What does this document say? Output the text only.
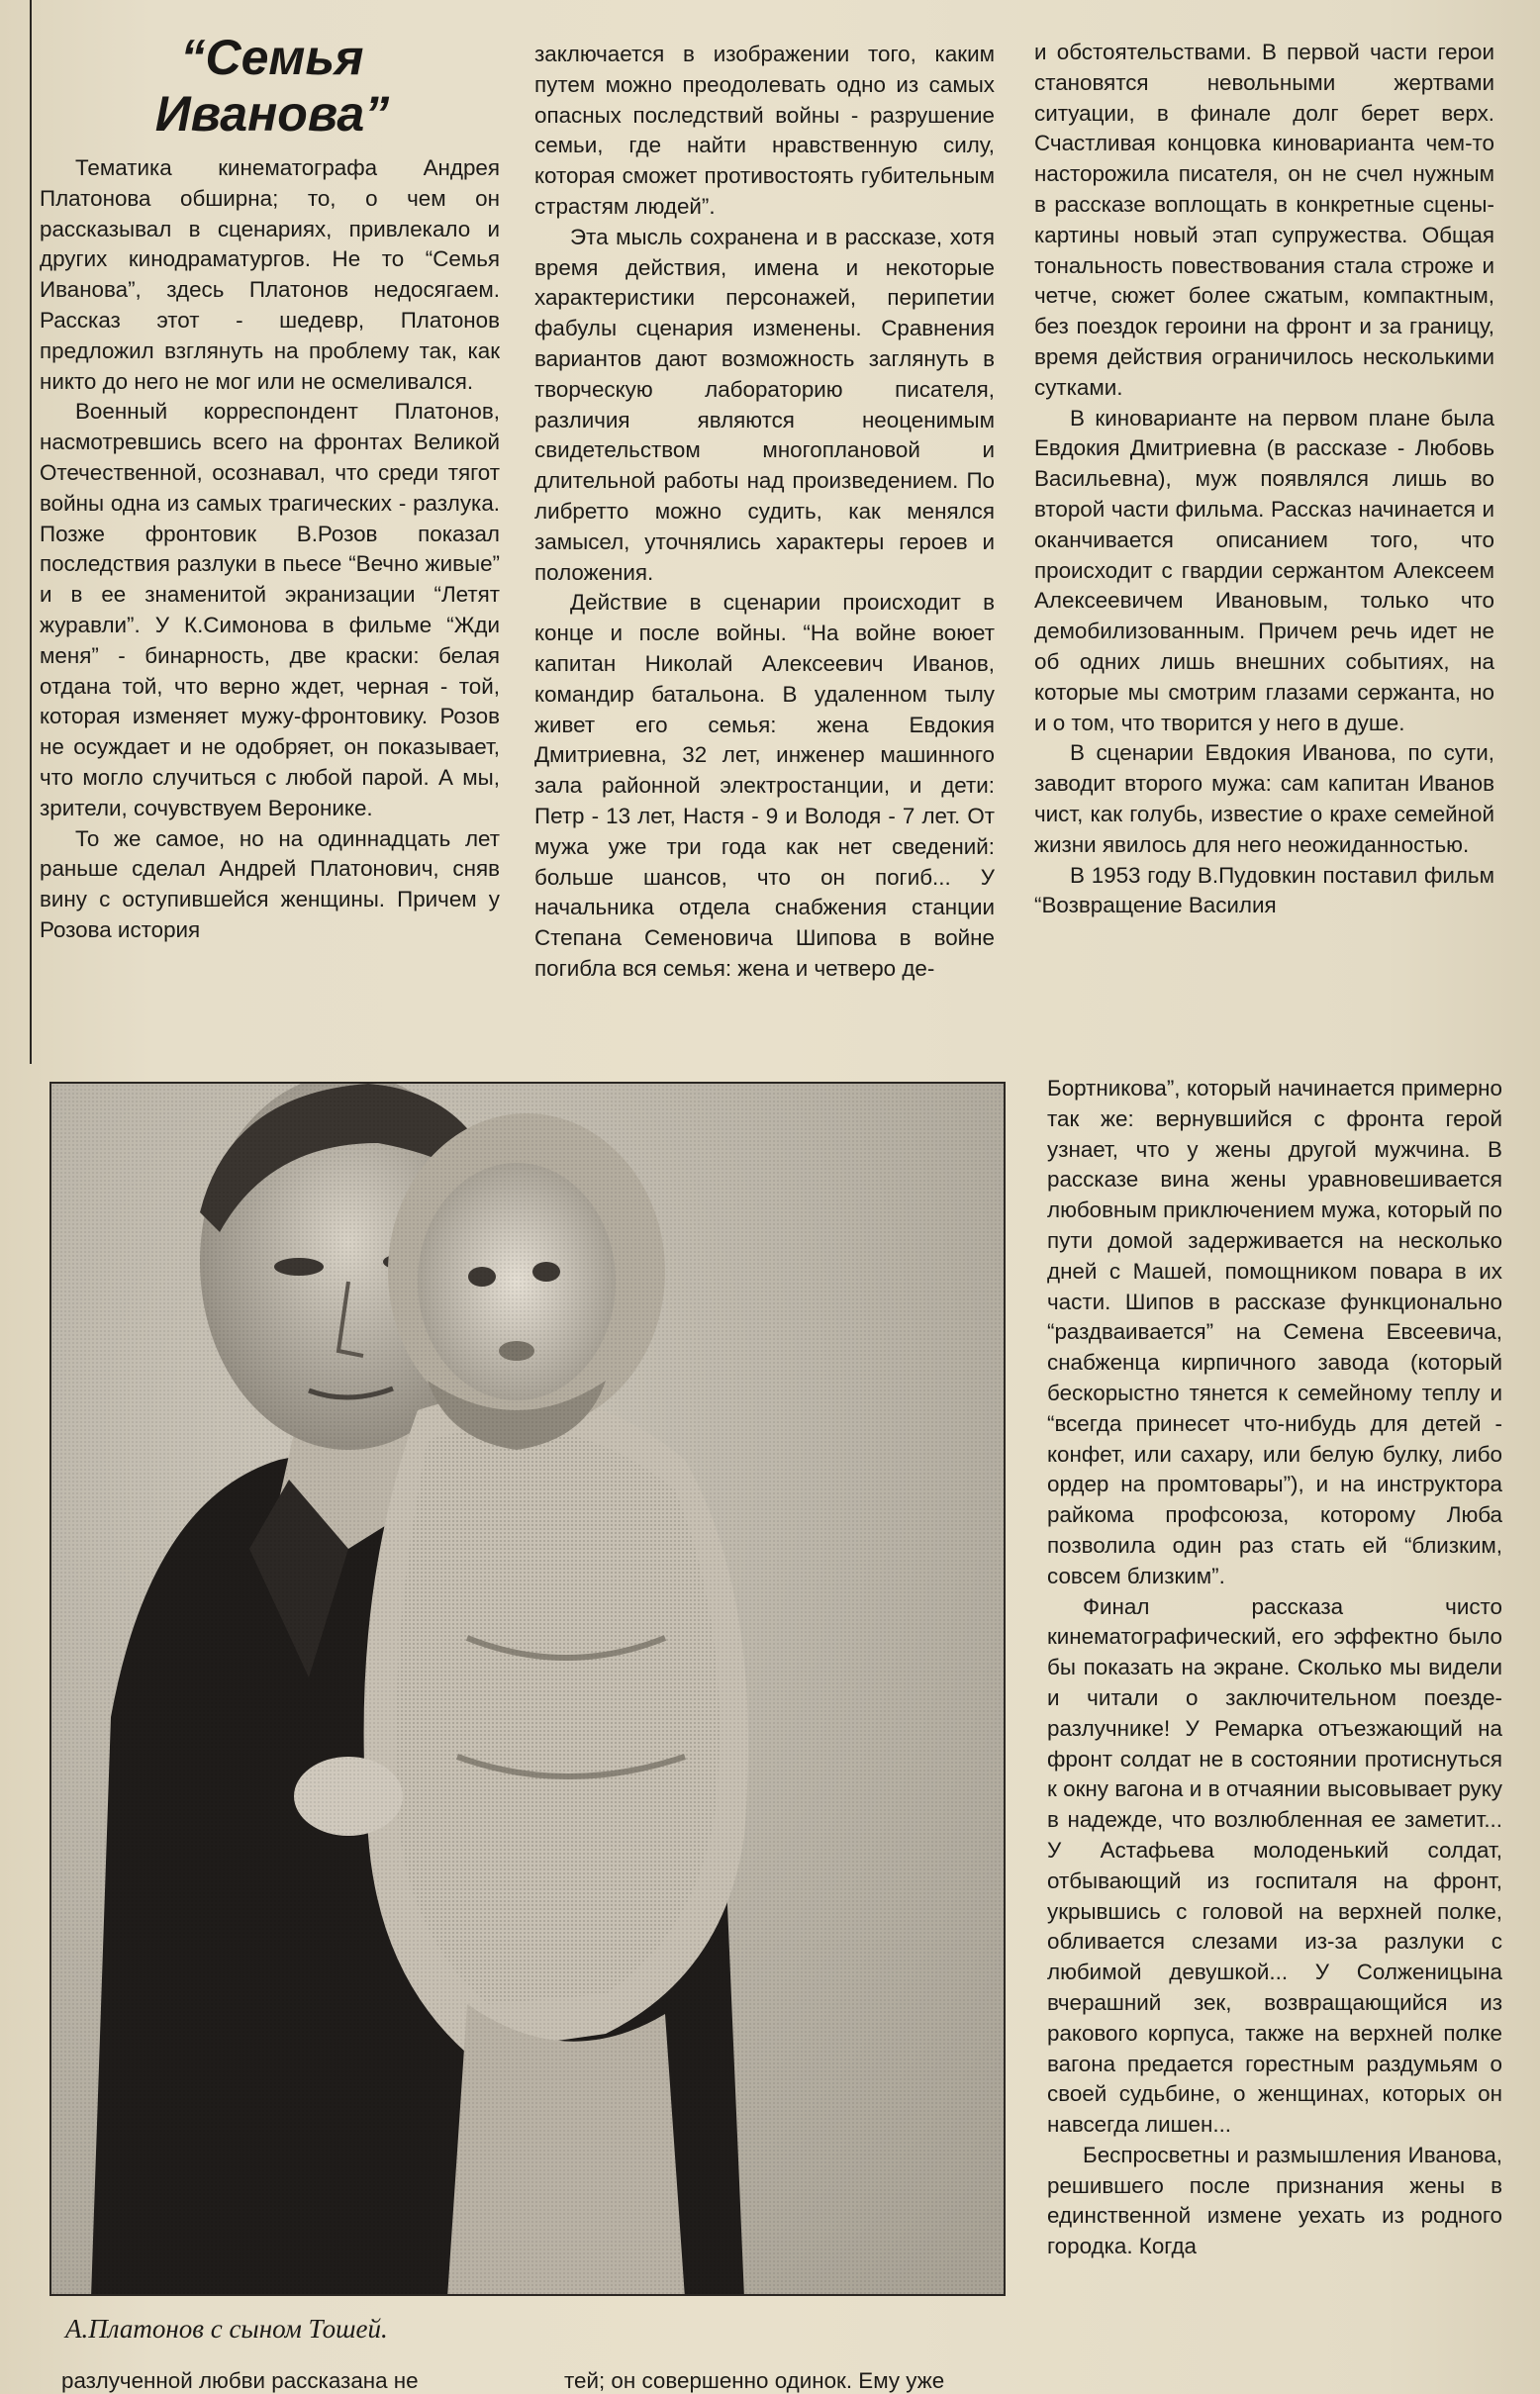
“Семья
Иванова”

Тематика кинематографа Андрея Платонова обширна; то, о чем он рассказывал в сценариях, привлекало и других кинодраматургов. Не то “Семья Иванова”, здесь Платонов недосягаем. Рассказ этот - шедевр, Платонов предложил взглянуть на проблему так, как никто до него не мог или не осмеливался.

Военный корреспондент Платонов, насмотревшись всего на фронтах Великой Отечественной, осознавал, что среди тягот войны одна из самых трагических - разлука. Позже фронтовик В.Розов показал последствия разлуки в пьесе “Вечно живые” и в ее знаменитой экранизации “Летят журавли”. У К.Симонова в фильме “Жди меня” - бинарность, две краски: белая отдана той, что верно ждет, черная - той, которая изменяет мужу-фронтовику. Розов не осуждает и не одобряет, он показывает, что могло случиться с любой парой. А мы, зрители, сочувствуем Веронике.

То же самое, но на одиннадцать лет раньше сделал Андрей Платонович, сняв вину с оступившейся женщины. Причем у Розова история

заключается в изображении того, каким путем можно преодолевать одно из самых опасных последствий войны - разрушение семьи, где найти нравственную силу, которая сможет противостоять губительным страстям людей”.

Эта мысль сохранена и в рассказе, хотя время действия, имена и некоторые характеристики персонажей, перипетии фабулы сценария изменены. Сравнения вариантов дают возможность заглянуть в творческую лабораторию писателя, различия являются неоценимым свидетельством многоплановой и длительной работы над произведением. По либретто можно судить, как менялся замысел, уточнялись характеры героев и положения.

Действие в сценарии происходит в конце и после войны. “На войне воюет капитан Николай Алексеевич Иванов, командир батальона. В удаленном тылу живет его семья: жена Евдокия Дмитриевна, 32 лет, инженер машинного зала районной электростанции, и дети: Петр - 13 лет, Настя - 9 и Володя - 7 лет. От мужа уже три года как нет сведений: больше шансов, что он погиб... У начальника отдела снабжения станции Степана Семеновича Шипова в войне погибла вся семья: жена и четверо де-

и обстоятельствами. В первой части герои становятся невольными жертвами ситуации, в финале долг берет верх. Счастливая концовка киноварианта чем-то насторожила писателя, он не счел нужным в рассказе воплощать в конкретные сцены-картины новый этап супружества. Общая тональность повествования стала строже и четче, сюжет более сжатым, компактным, без поездок героини на фронт и за границу, время действия ограничилось несколькими сутками.

В киноварианте на первом плане была Евдокия Дмитриевна (в рассказе - Любовь Васильевна), муж появлялся лишь во второй части фильма. Рассказ начинается и оканчивается описанием того, что происходит с гвардии сержантом Алексеем Алексеевичем Ивановым, только что демобилизованным. Причем речь идет не об одних лишь внешних событиях, на которые мы смотрим глазами сержанта, но и о том, что творится у него в душе.

В сценарии Евдокия Иванова, по сути, заводит второго мужа: сам капитан Иванов чист, как голубь, известие о крахе семейной жизни явилось для него неожиданностью.

В 1953 году В.Пудовкин поставил фильм “Возвращение Василия

Бортникова”, который начинается примерно так же: вернувшийся с фронта герой узнает, что у жены другой мужчина. В рассказе вина жены уравновешивается любовным приключением мужа, который по пути домой задерживается на несколько дней с Машей, помощником повара в их части. Шипов в рассказе функционально “раздваивается” на Семена Евсеевича, снабженца кирпичного завода (который бескорыстно тянется к семейному теплу и “всегда принесет что-нибудь для детей - конфет, или сахару, или белую булку, либо ордер на промтовары”), и на инструктора райкома профсоюза, которому Люба позволила один раз стать ей “близким, совсем близким”.

Финал рассказа чисто кинематографический, его эффектно было бы показать на экране. Сколько мы видели и читали о заключительном поезде-разлучнике! У Ремарка отъезжающий на фронт солдат не в состоянии протиснуться к окну вагона и в отчаянии высовывает руку в надежде, что возлюбленная ее заметит... У Астафьева молоденький солдат, отбывающий из госпиталя на фронт, укрывшись с головой на верхней полке, обливается слезами из-за разлуки с любимой девушкой... У Солженицына вчерашний зек, возвращающийся из ракового корпуса, также на верхней полке вагона предается горестным раздумьям о своей судьбине, о женщинах, которых он навсегда лишен...

Беспросветны и размышления Иванова, решившего после признания жены в единственной измене уехать из родного городка. Когда

А.Платонов с сыном Тошей.
разлученной любви рассказана не	тей; он совершенно одинок. Ему уже
